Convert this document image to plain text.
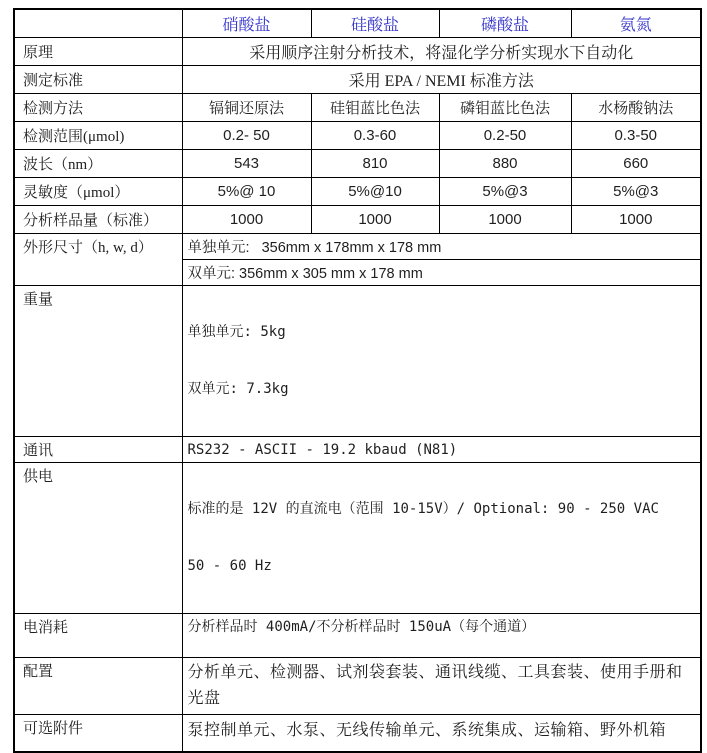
	硝酸盐	硅酸盐	磷酸盐	氨氮
原理	采用顺序注射分析技术，将湿化学分析实现水下自动化			
测定标准	采用 EPA / NEMI 标准方法			
检测方法	镉铜还原法	硅钼蓝比色法	磷钼蓝比色法	水杨酸钠法
检测范围(μmol)	0.2- 50	0.3-60	0.2-50	0.3-50
波长（nm）	543	810	880	660
灵敏度（μmol）	5%@ 10	5%@10	5%@3	5%@3
分析样品量（标准）	1000	1000	1000	1000
外形尺寸（h, w, d）	单独单元:   356mm x 178mm x 178 mm			
	双单元: 356mm x 305 mm x 178 mm			
重量	单独单元: 5kg

双单元: 7.3kg			

通讯	RS232 - ASCII - 19.2 kbaud (N81)			
供电	标准的是 12V 的直流电（范围 10-15V）/ Optional: 90 - 250 VAC

50 - 60 Hz			

电消耗	分析样品时 400mA/不分析样品时 150uA（每个通道）			
配置	分析单元、检测器、试剂袋套装、通讯线缆、工具套装、使用手册和光盘			
可选附件	泵控制单元、水泵、无线传输单元、系统集成、运输箱、野外机箱			
